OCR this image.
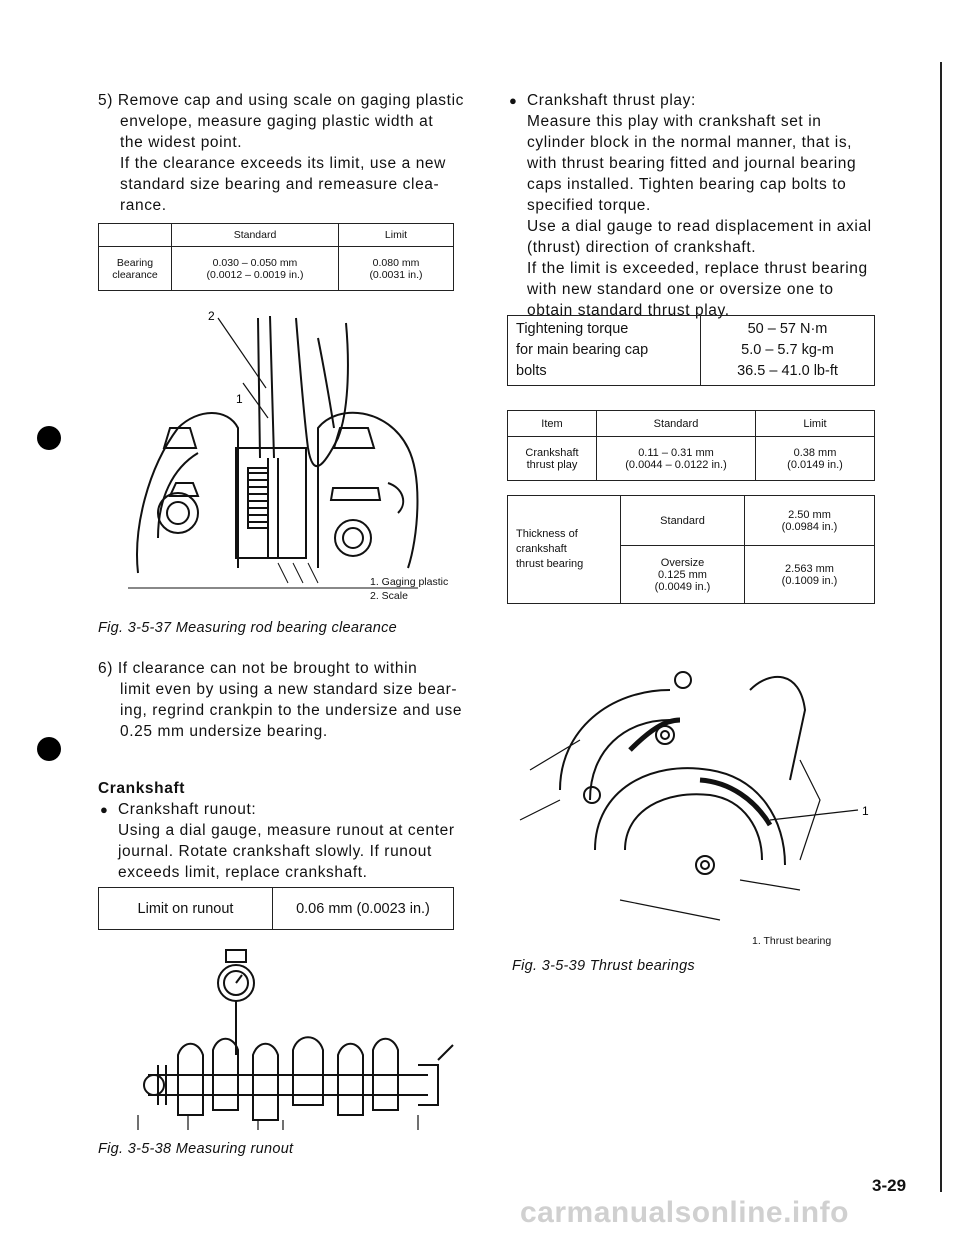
5) Remove cap and using scale on gaging plastic
envelope, measure gaging plastic width at
the widest point.
If the clearance exceeds its limit, use a new
standard size bearing and remeasure clea-
rance.
	Standard	Limit
Bearing
clearance	0.030 – 0.050 mm
(0.0012 – 0.0019 in.)	0.080 mm
(0.0031 in.)
2
1
1. Gaging plastic
2. Scale
Fig. 3-5-37 Measuring rod bearing clearance
6) If clearance can not be brought to within
limit even by using a new standard size bear-
ing, regrind crankpin to the undersize and use
0.25 mm undersize bearing.
Crankshaft
● Crankshaft runout:
Using a dial gauge, measure runout at center
journal. Rotate crankshaft slowly. If runout
exceeds limit, replace crankshaft.
Limit on runout	0.06 mm (0.0023 in.)
Fig. 3-5-38 Measuring runout
● Crankshaft thrust play:
Measure this play with crankshaft set in
cylinder block in the normal manner, that is,
with thrust bearing fitted and journal bearing
caps installed. Tighten bearing cap bolts to
specified torque.
Use a dial gauge to read displacement in axial
(thrust) direction of crankshaft.
If the limit is exceeded, replace thrust bearing
with new standard one or oversize one to
obtain standard thrust play.
Tightening torque
for main bearing cap
bolts	50 – 57 N·m
5.0 – 5.7 kg-m
36.5 – 41.0 lb-ft
Item	Standard	Limit
Crankshaft
thrust play	0.11 – 0.31 mm
(0.0044 – 0.0122 in.)	0.38 mm
(0.0149 in.)
Thickness of
crankshaft
thrust bearing	Standard	2.50 mm
(0.0984 in.)
	Oversize
0.125 mm
(0.0049 in.)	2.563 mm
(0.1009 in.)
1
1. Thrust bearing
Fig. 3-5-39 Thrust bearings
3-29
carmanualsonline.info
